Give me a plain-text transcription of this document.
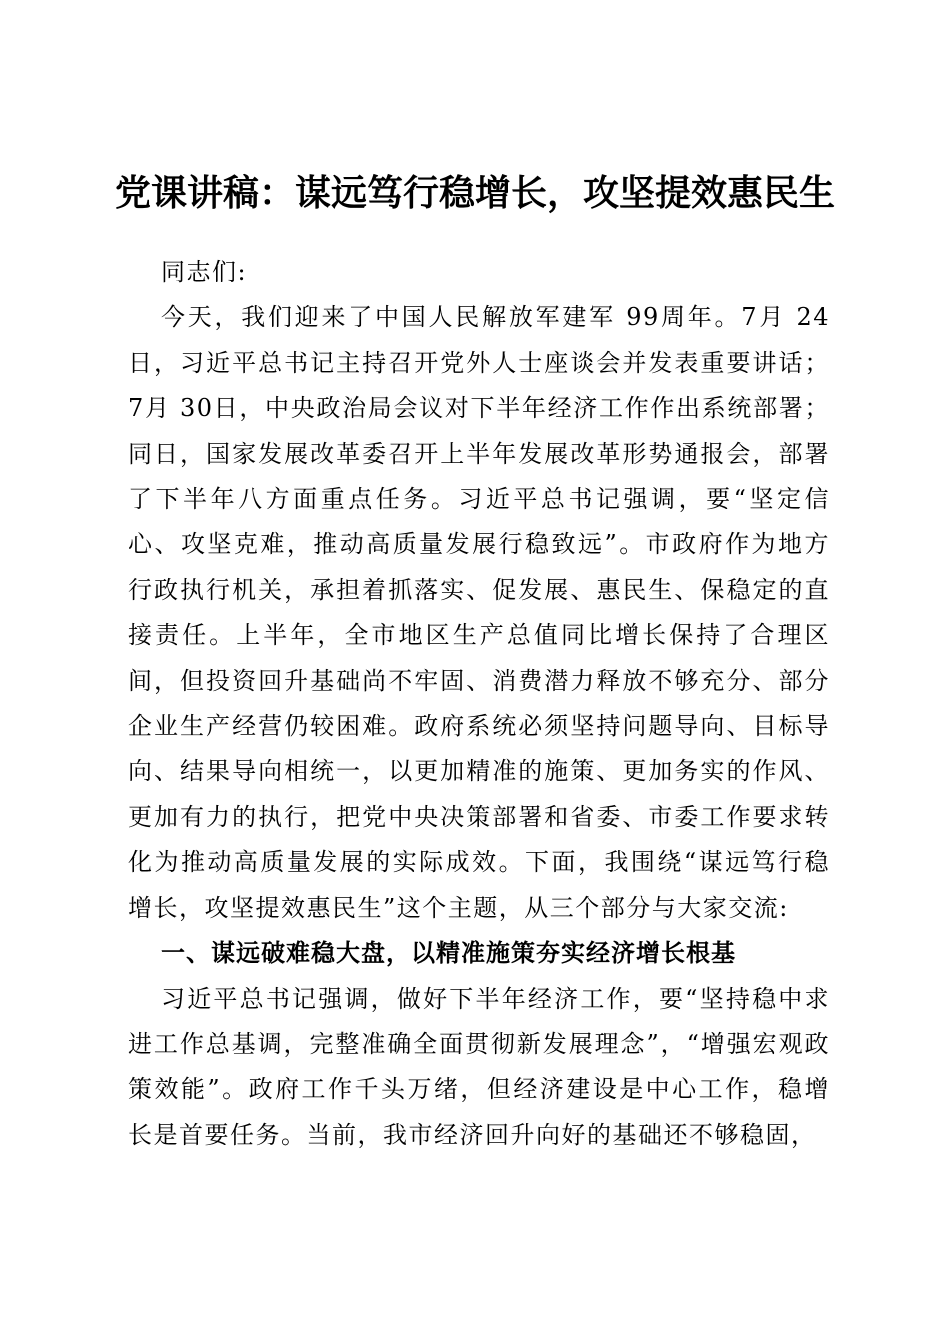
党课讲稿：谋远笃行稳增长，攻坚提效惠民生

同志们:

今天，我们迎来了中国人民解放军建军 99周年。7月 24日，习近平总书记主持召开党外人士座谈会并发表重要讲话； 7月 30日，中央政治局会议对下半年经济工作作出系统部署；同日，国家发展改革委召开上半年发展改革形势通报会，部署了下半年八方面重点任务。习近平总书记强调，要“坚定信心、攻坚克难，推动高质量发展行稳致远”。市政府作为地方行政执行机关，承担着抓落实、促发展、惠民生、保稳定的直接责任。上半年，全市地区生产总值同比增长保持了合理区间，但投资回升基础尚不牢固、消费潜力释放不够充分、部分企业生产经营仍较困难。政府系统必须坚持问题导向、目标导向、结果导向相统一，以更加精准的施策、更加务实的作风、更加有力的执行，把党中央决策部署和省委、市委工作要求转化为推动高质量发展的实际成效。下面，我围绕“谋远笃行稳增长，攻坚提效惠民生”这个主题，从三个部分与大家交流:

一、谋远破难稳大盘，以精准施策夯实经济增长根基

习近平总书记强调，做好下半年经济工作，要“坚持稳中求进工作总基调，完整准确全面贯彻新发展理念”，“增强宏观政策效能”。政府工作千头万绪，但经济建设是中心工作，稳增长是首要任务。当前，我市经济回升向好的基础还不够稳固，
